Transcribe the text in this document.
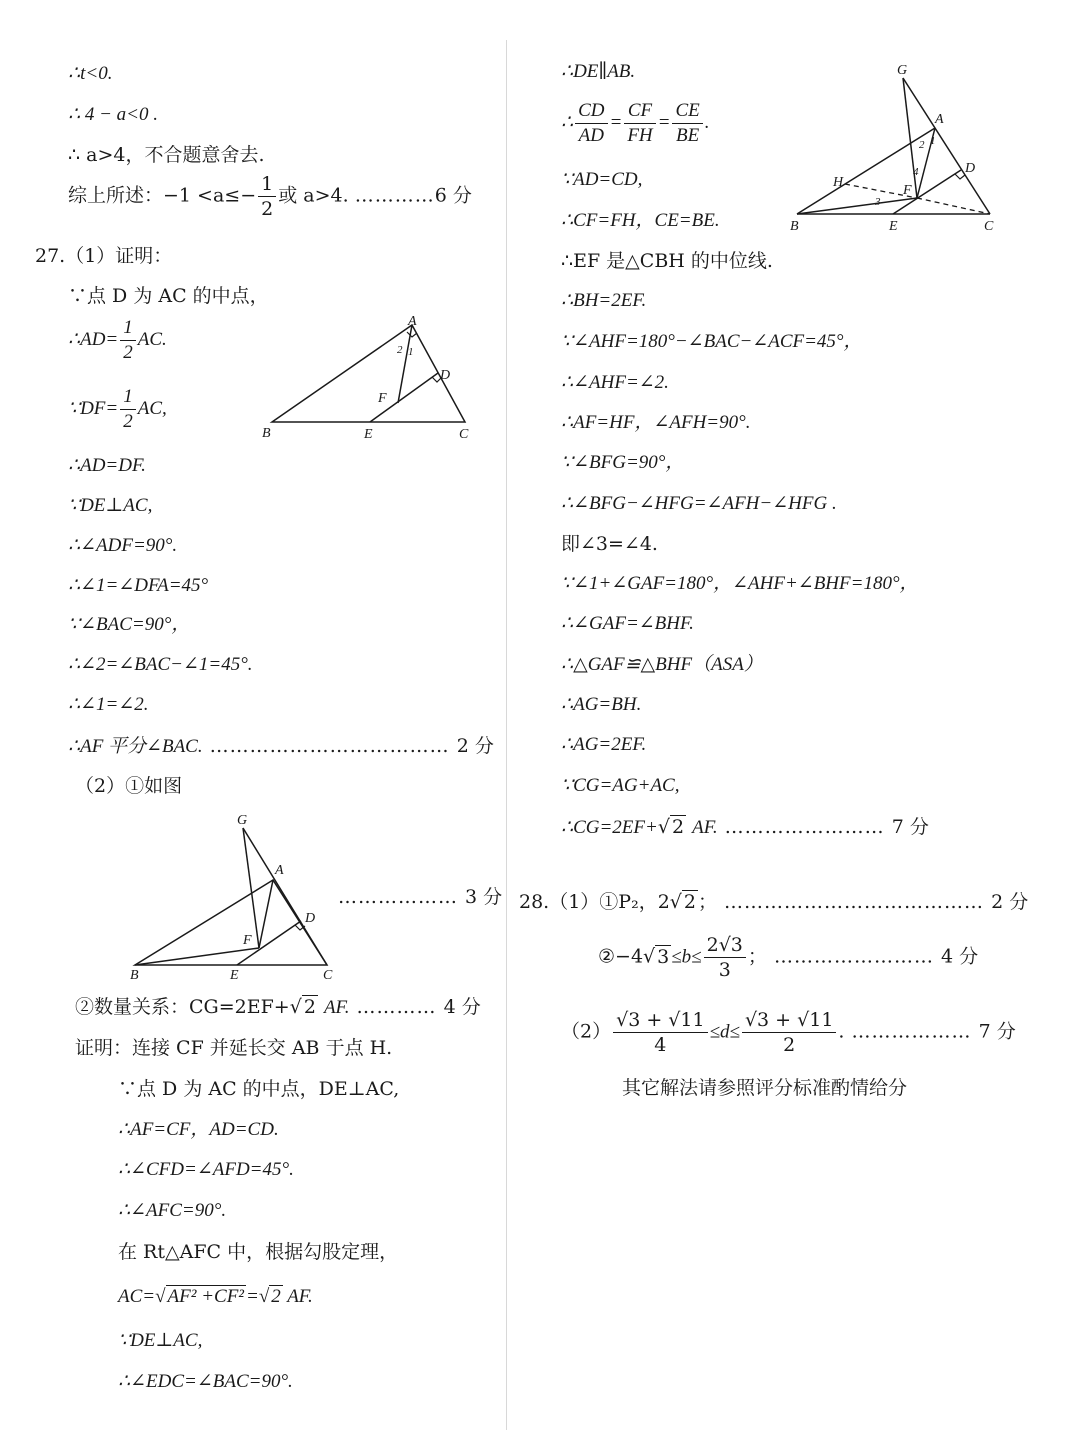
∴t<0.
∴ 4 − a<0 .
∴ a>4，不合题意舍去.
综上所述：$-1 <a\le- \frac{1}{2}$ 或 a>4. …………6 分
27.（1）证明：
∵点 D 为 AC 的中点，
∴AD= $\frac{1}{2}$ AC.
∵DF= $\frac{1}{2}$ AC,
A
B	C
D
E
F
1
2
∴AD=DF.
∵DE⊥AC,
∴∠ADF=90°.
∴∠1=∠DFA=45°
∵∠BAC=90°，
∴∠2=∠BAC−∠1=45°.
∴∠1=∠2.
∴AF 平分∠BAC. ……………………………… 2 分
（2）①如图
G
A
B	C
D
E
F
……………… 3 分
②数量关系：CG=2EF+√ 2 AF. ………… 4 分
证明：连接 CF 并延长交 AB 于点 H.
∵点 D 为 AC 的中点，DE⊥AC,
∴AF=CF，AD=CD.
∴∠CFD=∠AFD=45°.
∴∠AFC=90°.
在 Rt△AFC 中，根据勾股定理，
AC=√ AF² +CF² =√ 2 AF.
∵DE⊥AC,
∴∠EDC=∠BAC=90°.
∴DE∥AB.
∴ $\frac{CD}{AD} = \frac{CF}{FH} = \frac{CE}{BE}$ .
∵AD=CD,
∴CF=FH，CE=BE.
∴EF 是△CBH 的中位线.
∴BH=2EF.
∵∠AHF=180°−∠BAC−∠ACF=45°，
∴∠AHF=∠2.
∴AF=HF，∠AFH=90°.
∵∠BFG=90°，
∴∠BFG−∠HFG=∠AFH−∠HFG .
即∠3=∠4.
∵∠1+∠GAF=180°，∠AHF+∠BHF=180°，
∴∠GAF=∠BHF.
∴△GAF≌△BHF（ASA）
∴AG=BH.
∴AG=2EF.
∵CG=AG+AC,
∴CG=2EF+√ 2 AF. …………………… 7 分
G
A
H
B	C
D
E
F
1
2
3
4
28.（1）①P₂，2√ 2 ； ………………………………… 2 分
②−4√ $3 \le b\le \frac{2√3}{3}$ ； …………………… 4 分
$(2) \frac{√3 + √11}{4} \le d\le \frac{√3 + √11}{2}$ . ……………… 7 分
其它解法请参照评分标准酌情给分
